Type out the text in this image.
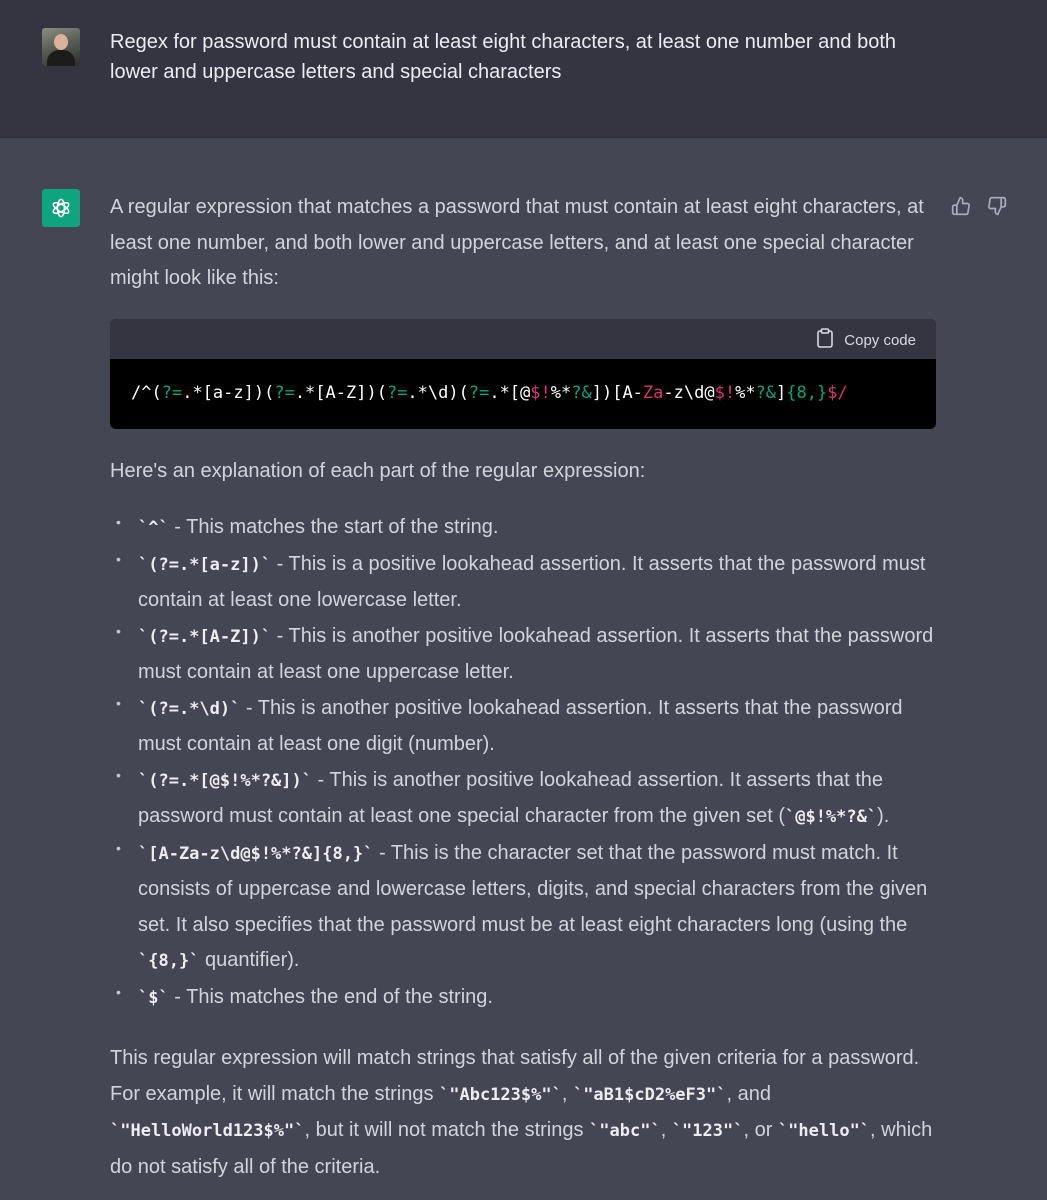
Regex for password must contain at least eight characters, at least one number and both lower and uppercase letters and special characters

A regular expression that matches a password that must contain at least eight characters, at least one number, and both lower and uppercase letters, and at least one special character might look like this:

Copy code
/^( ?= .*[a-z])( ?= .*[A-Z])( ?= .*\d)( ?= .*[@ $! %* ?& ])[A- Za -z\d@ $! %* ?& ] {8,} $/

Here's an explanation of each part of the regular expression:

• `^` - This matches the start of the string.
• `(?=.*[a-z])` - This is a positive lookahead assertion. It asserts that the password must contain at least one lowercase letter.
• `(?=.*[A-Z])` - This is another positive lookahead assertion. It asserts that the password must contain at least one uppercase letter.
• `(?=.*\d)` - This is another positive lookahead assertion. It asserts that the password must contain at least one digit (number).
• `(?=.*[@$!%*?&])` - This is another positive lookahead assertion. It asserts that the password must contain at least one special character from the given set (`@$!%*?&`).
• `[A-Za-z\d@$!%*?&]{8,}` - This is the character set that the password must match. It consists of uppercase and lowercase letters, digits, and special characters from the given set. It also specifies that the password must be at least eight characters long (using the `{8,}` quantifier).
• `$` - This matches the end of the string.

This regular expression will match strings that satisfy all of the given criteria for a password. For example, it will match the strings `"Abc123$%"`, `"aB1$cD2%eF3"`, and `"HelloWorld123$%"`, but it will not match the strings `"abc"`, `"123"`, or `"hello"`, which do not satisfy all of the criteria.
